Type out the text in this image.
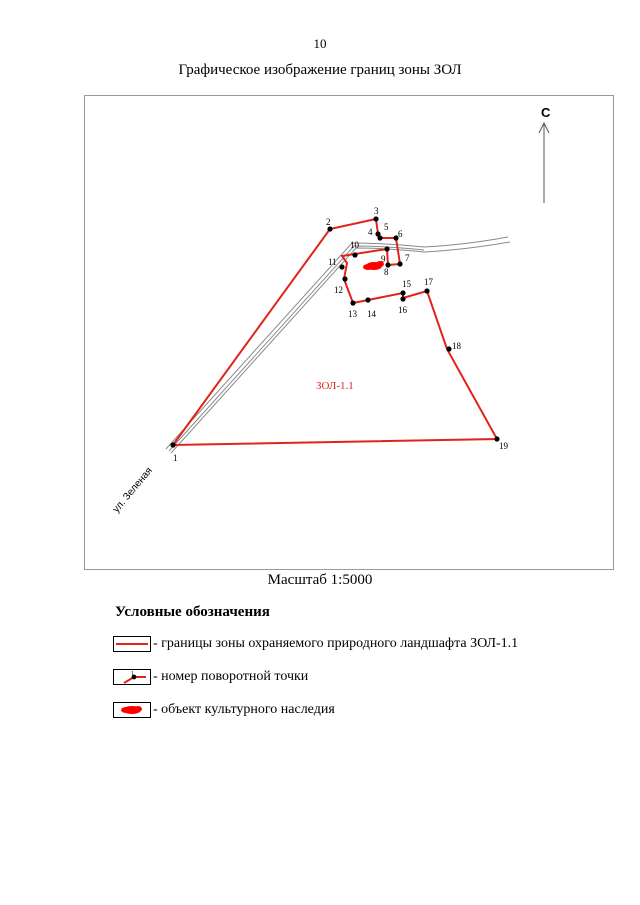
10
Графическое изображение границ зоны ЗОЛ
С
ул. Зеленая
ЗОЛ-1.1
1
2
3
4 5
6
7
8
9
10
11
12
13 14
15
16
17
18
19
Масштаб 1:5000
Условные обозначения
- границы зоны охраняемого природного ландшафта ЗОЛ-1.1
1 - номер поворотной точки
- объект культурного наследия
